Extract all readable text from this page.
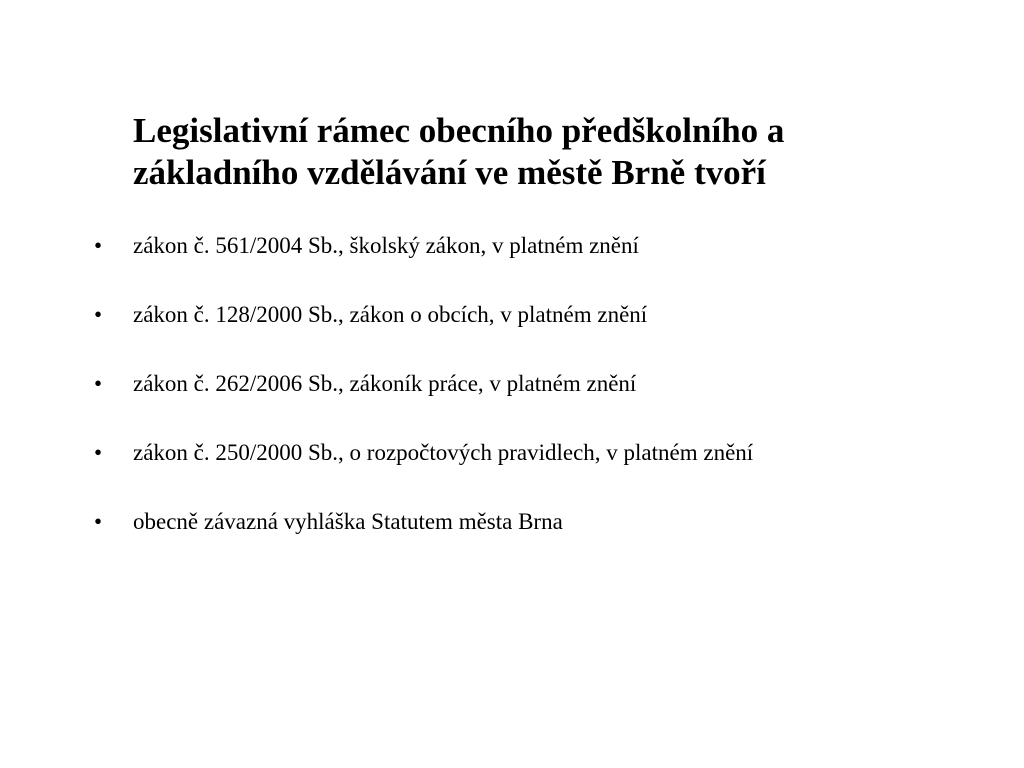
Legislativní rámec obecního předškolního a
základního vzdělávání ve městě Brně tvoří
• zákon č. 561/2004 Sb., školský zákon, v platném znění
• zákon č. 128/2000 Sb., zákon o obcích, v platném znění
• zákon č. 262/2006 Sb., zákoník práce, v platném znění
• zákon č. 250/2000 Sb., o rozpočtových pravidlech, v platném znění
• obecně závazná vyhláška Statutem města Brna
